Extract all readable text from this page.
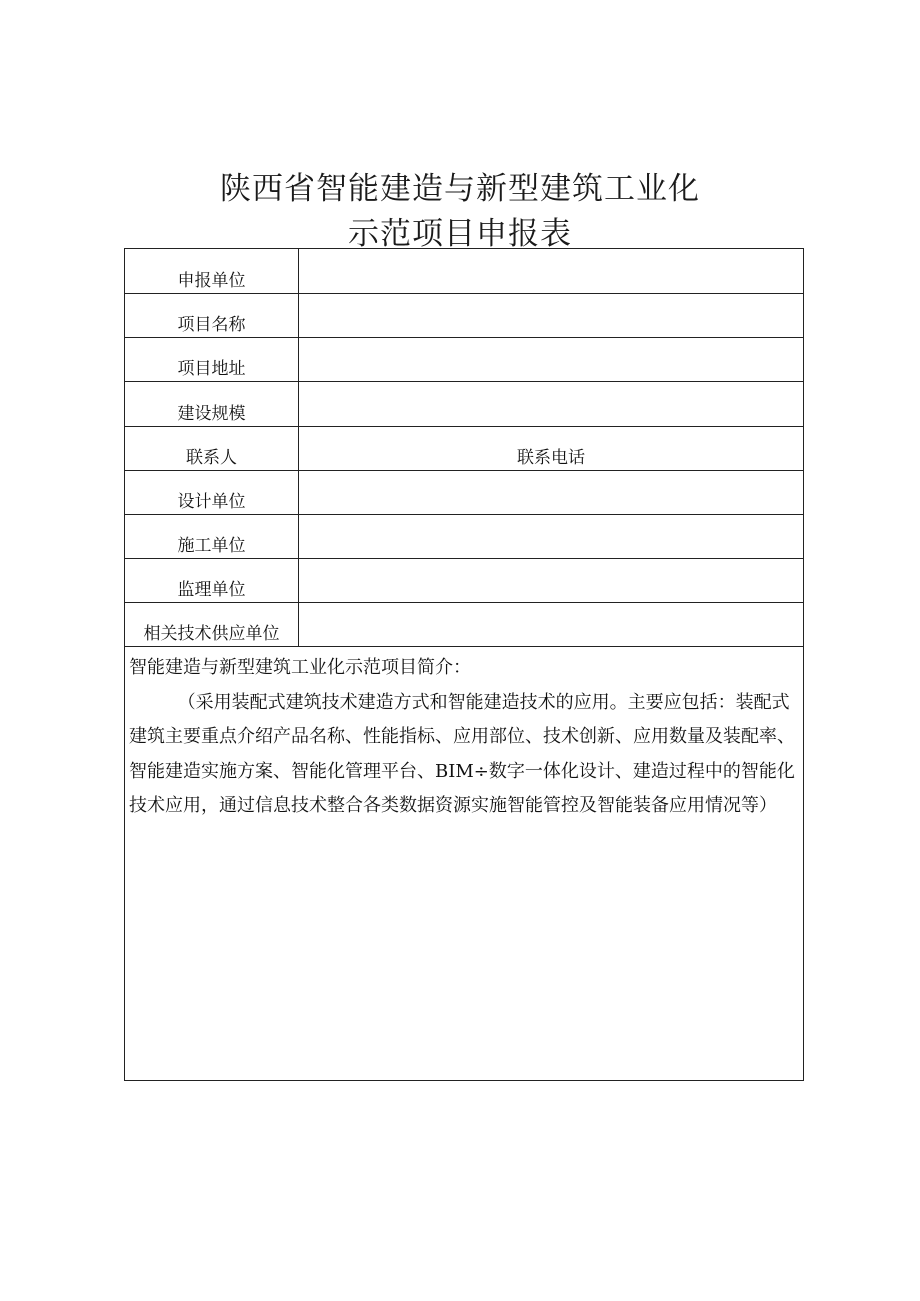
陕西省智能建造与新型建筑工业化
示范项目申报表
申报单位
项目名称
项目地址
建设规模
联系人	联系电话
设计单位
施工单位
监理单位
相关技术供应单位

智能建造与新型建筑工业化示范项目简介：

（采用装配式建筑技术建造方式和智能建造技术的应用。主要应包括：装配式建筑主要重点介绍产品名称、性能指标、应用部位、技术创新、应用数量及装配率、智能建造实施方案、智能化管理平台、BIM÷数字一体化设计、建造过程中的智能化技术应用，通过信息技术整合各类数据资源实施智能管控及智能装备应用情况等）
